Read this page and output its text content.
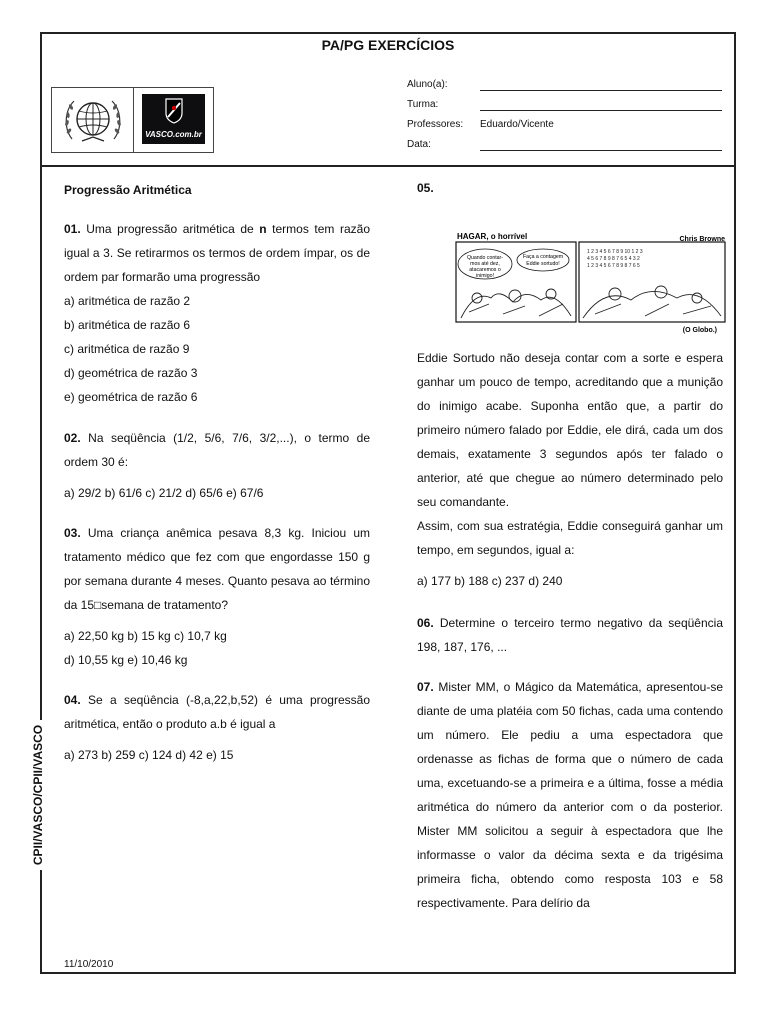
PA/PG EXERCÍCIOS
VASCO.com.br
Aluno(a):
Turma:
Professores: Eduardo/Vicente
Data:
Progressão Aritmética

01. Uma progressão aritmética de n termos tem razão igual a 3. Se retirarmos os termos de ordem ímpar, os de ordem par formarão uma progressão

a) aritmética de razão 2
b) aritmética de razão 6
c) aritmética de razão 9
d) geométrica de razão 3
e) geométrica de razão 6

02. Na seqüência (1/2, 5/6, 7/6, 3/2,...), o termo de ordem 30 é:

a) 29/2 b) 61/6 c) 21/2 d) 65/6 e) 67/6

03. Uma criança anêmica pesava 8,3 kg. Iniciou um tratamento médico que fez com que engordasse 150 g por semana durante 4 meses. Quanto pesava ao término da 15□semana de tratamento?

a) 22,50 kg b) 15 kg c) 10,7 kg
d) 10,55 kg e) 10,46 kg

04. Se a seqüência (-8,a,22,b,52) é uma progressão aritmética, então o produto a.b é igual a

a) 273 b) 259 c) 124 d) 42 e) 15
05.
HAGAR, o horrível	Chris Browne
Quando contar-
mos até dez,
atacaremos o
inimigo!
Faça a contagem
Eddie sortudo!
1 2 3 4 5 6 7 8 9 10 1 2 3
4 5 6 7 8 9 8 7 6 5 4 3 2
1 2 3 4 5 6 7 8 9 8 7 6 5
(O Globo.)

Eddie Sortudo não deseja contar com a sorte e espera ganhar um pouco de tempo, acreditando que a munição do inimigo acabe. Suponha então que, a partir do primeiro número falado por Eddie, ele dirá, cada um dos demais, exatamente 3 segundos após ter falado o anterior, até que chegue ao número determinado pelo seu comandante.

Assim, com sua estratégia, Eddie conseguirá ganhar um tempo, em segundos, igual a:

a) 177 b) 188 c) 237 d) 240

06. Determine o terceiro termo negativo da seqüência 198, 187, 176, ...

07. Mister MM, o Mágico da Matemática, apresentou-se diante de uma platéia com 50 fichas, cada uma contendo um número. Ele pediu a uma espectadora que ordenasse as fichas de forma que o número de cada uma, excetuando-se a primeira e a última, fosse a média aritmética do número da anterior com o da posterior. Mister MM solicitou a seguir à espectadora que lhe informasse o valor da décima sexta e da trigésima primeira ficha, obtendo como resposta 103 e 58 respectivamente. Para delírio da

CPII/VASCO/CPII/VASCO
11/10/2010
